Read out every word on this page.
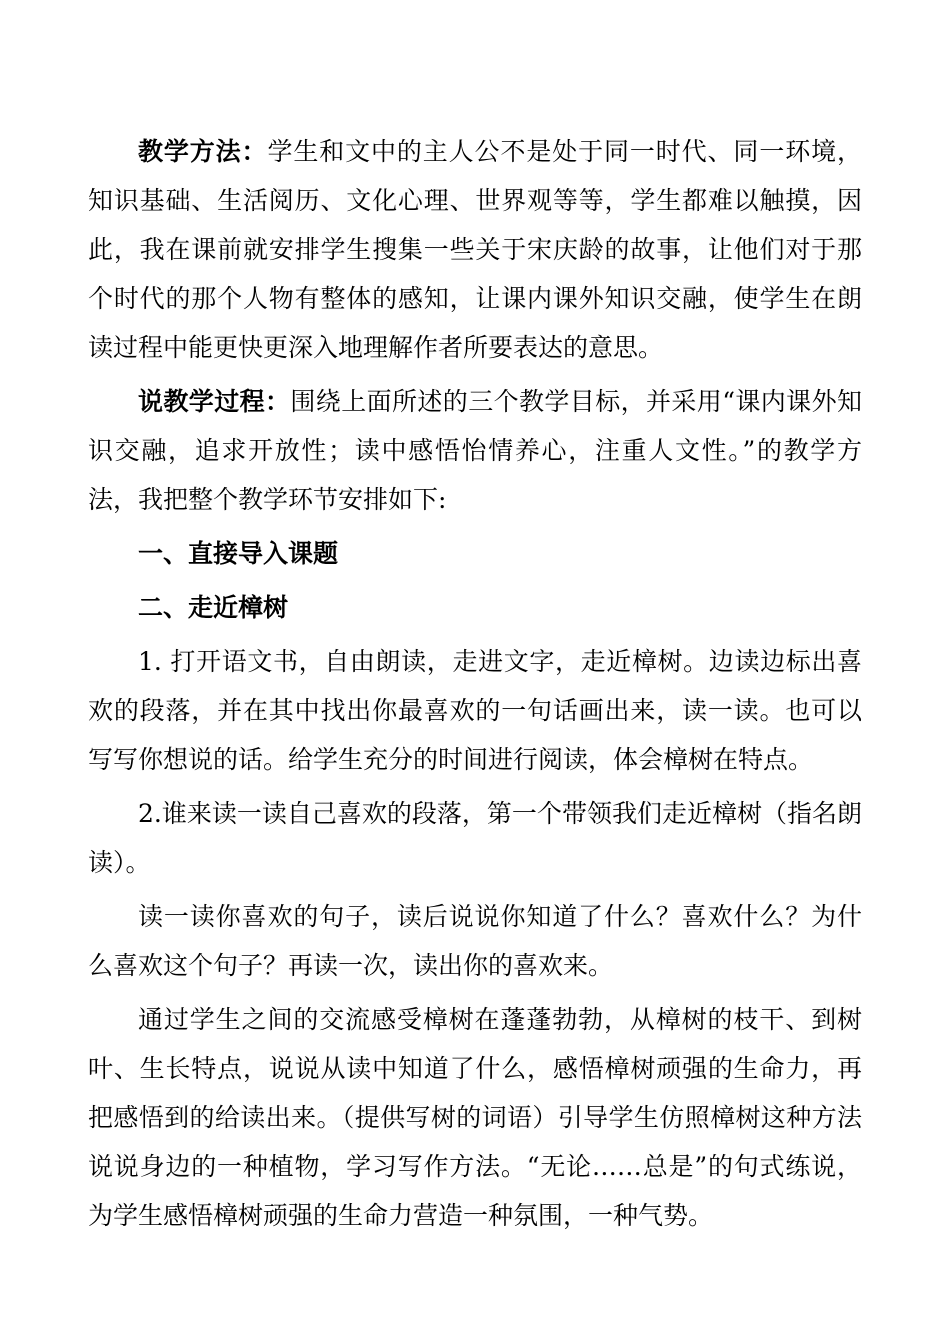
教学方法：学生和文中的主人公不是处于同一时代、同一环境，知识基础、生活阅历、文化心理、世界观等等，学生都难以触摸，因此，我在课前就安排学生搜集一些关于宋庆龄的故事，让他们对于那个时代的那个人物有整体的感知，让课内课外知识交融，使学生在朗读过程中能更快更深入地理解作者所要表达的意思。

说教学过程：围绕上面所述的三个教学目标，并采用“课内课外知识交融，追求开放性；读中感悟怡情养心，注重人文性。”的教学方法，我把整个教学环节安排如下:

一、直接导入课题

二、走近樟树

1. 打开语文书，自由朗读，走进文字，走近樟树。边读边标出喜欢的段落，并在其中找出你最喜欢的一句话画出来，读一读。也可以写写你想说的话。给学生充分的时间进行阅读，体会樟树在特点。

2.谁来读一读自己喜欢的段落，第一个带领我们走近樟树（指名朗读）。

读一读你喜欢的句子，读后说说你知道了什么？喜欢什么？为什么喜欢这个句子？再读一次，读出你的喜欢来。

通过学生之间的交流感受樟树在蓬蓬勃勃，从樟树的枝干、到树叶、生长特点，说说从读中知道了什么，感悟樟树顽强的生命力，再把感悟到的给读出来。（提供写树的词语）引导学生仿照樟树这种方法说说身边的一种植物，学习写作方法。“无论……总是”的句式练说，为学生感悟樟树顽强的生命力营造一种氛围，一种气势。
